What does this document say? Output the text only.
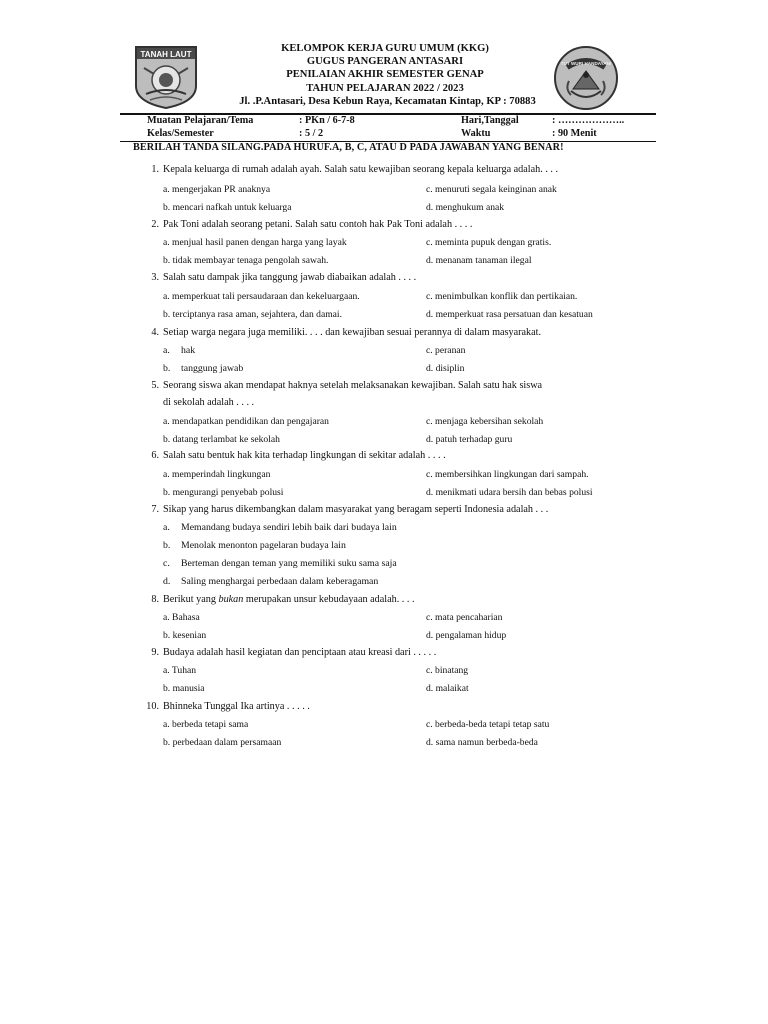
TANAH LAUT
TUT WURI HANDAYANI
KELOMPOK KERJA GURU UMUM (KKG)
GUGUS PANGERAN ANTASARI
PENILAIAN AKHIR SEMESTER GENAP
TAHUN PELAJARAN 2022 / 2023
Jl. .P.Antasari, Desa Kebun Raya, Kecamatan Kintap, KP : 70883
Muatan Pelajaran/Tema	: PKn / 6-7-8	Hari,Tanggal	: ………………..
Kelas/Semester	: 5 / 2	Waktu	: 90 Menit
BERILAH TANDA SILANG.PADA HURUF.A, B, C, ATAU D PADA JAWABAN YANG BENAR!
1. Kepala keluarga di rumah adalah ayah. Salah satu kewajiban seorang kepala keluarga adalah. . . .
a. mengerjakan PR anaknya	c. menuruti segala keinginan anak
b. mencari nafkah untuk keluarga	d. menghukum anak
2. Pak Toni adalah seorang petani. Salah satu contoh hak Pak Toni adalah . . . .
a. menjual hasil panen dengan harga yang layak	c. meminta pupuk dengan gratis.
b. tidak membayar tenaga pengolah sawah.	d. menanam tanaman ilegal
3. Salah satu dampak jika tanggung jawab diabaikan adalah . . . .
a. memperkuat tali persaudaraan dan kekeluargaan.	c. menimbulkan konflik dan pertikaian.
b. terciptanya rasa aman, sejahtera, dan damai.	d. memperkuat rasa persatuan dan kesatuan
4. Setiap warga negara juga memiliki. . . . dan kewajiban sesuai perannya di dalam masyarakat.
a. hak	c. peranan
b. tanggung jawab	d. disiplin
5. Seorang siswa akan mendapat haknya setelah melaksanakan kewajiban. Salah satu hak siswa
di sekolah adalah . . . .
a. mendapatkan pendidikan dan pengajaran	c. menjaga kebersihan sekolah
b. datang terlambat ke sekolah	d. patuh terhadap guru
6. Salah satu bentuk hak kita terhadap lingkungan di sekitar adalah . . . .
a. memperindah lingkungan	c. membersihkan lingkungan dari sampah.
b. mengurangi penyebab polusi	d. menikmati udara bersih dan bebas polusi
7. Sikap yang harus dikembangkan dalam masyarakat yang beragam seperti Indonesia adalah . . .
a. Memandang budaya sendiri lebih baik dari budaya lain
b. Menolak menonton pagelaran budaya lain
c. Berteman dengan teman yang memiliki suku sama saja
d. Saling menghargai perbedaan dalam keberagaman
8. Berikut yang bukan merupakan unsur kebudayaan adalah. . . .
a. Bahasa	c. mata pencaharian
b. kesenian	d. pengalaman hidup
9. Budaya adalah hasil kegiatan dan penciptaan atau kreasi dari . . . . .
a. Tuhan	c. binatang
b. manusia	d. malaikat
10. Bhinneka Tunggal Ika artinya . . . . .
a. berbeda tetapi sama	c. berbeda-beda tetapi tetap satu
b. perbedaan dalam persamaan	d. sama namun berbeda-beda
